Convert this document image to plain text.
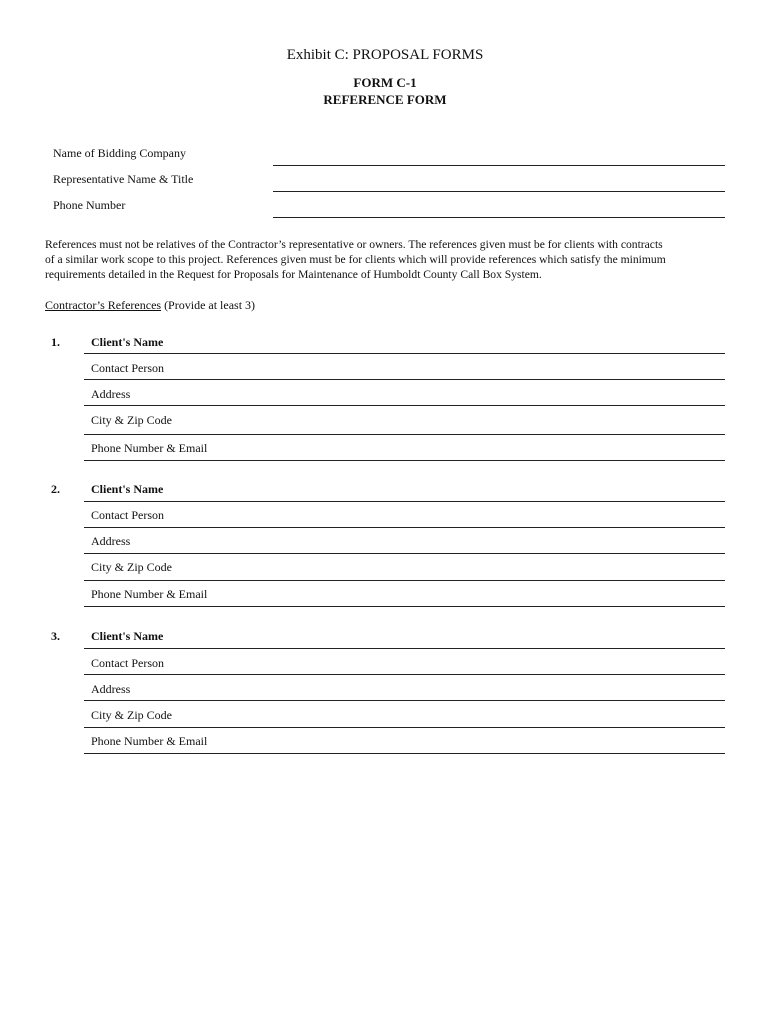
Exhibit C: PROPOSAL FORMS
FORM C-1
REFERENCE FORM
Name of Bidding Company
Representative Name & Title
Phone Number
References must not be relatives of the Contractor’s representative or owners. The references given must be for clients with contracts
of a similar work scope to this project. References given must be for clients which will provide references which satisfy the minimum
requirements detailed in the Request for Proposals for Maintenance of Humboldt County Call Box System.
Contractor’s References (Provide at least 3)
1.	Client's Name
Contact Person
Address
City & Zip Code
Phone Number & Email
2.	Client's Name
Contact Person
Address
City & Zip Code
Phone Number & Email
3.	Client's Name
Contact Person
Address
City & Zip Code
Phone Number & Email
